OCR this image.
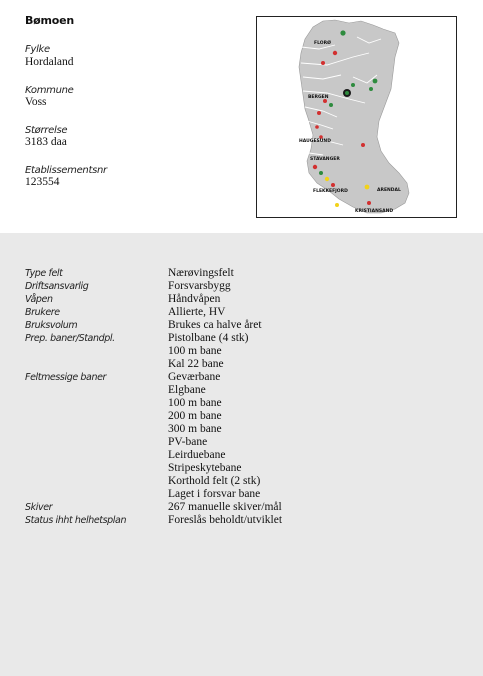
Bømoen
Fylke
Hordaland
Kommune
Voss
Størrelse
3183 daa
Etablissementsnr
123554
FLORØ
BERGEN
HAUGESUND
STAVANGER
FLEKKEFJORD	ARENDAL
KRISTIANSAND
Type felt	Nærøvingsfelt
Driftsansvarlig	Forsvarsbygg
Våpen	Håndvåpen
Brukere	Allierte, HV
Bruksvolum	Brukes ca halve året
Prep. baner/Standpl.	Pistolbane (4 stk)
100 m bane
Kal 22 bane
Feltmessige baner	Geværbane
Elgbane
100 m bane
200 m bane
300 m bane
PV-bane
Leirduebane
Stripeskytebane
Korthold felt (2 stk)
Laget i forsvar bane
Skiver	267 manuelle skiver/mål
Status ihht helhetsplan	Foreslås beholdt/utviklet
